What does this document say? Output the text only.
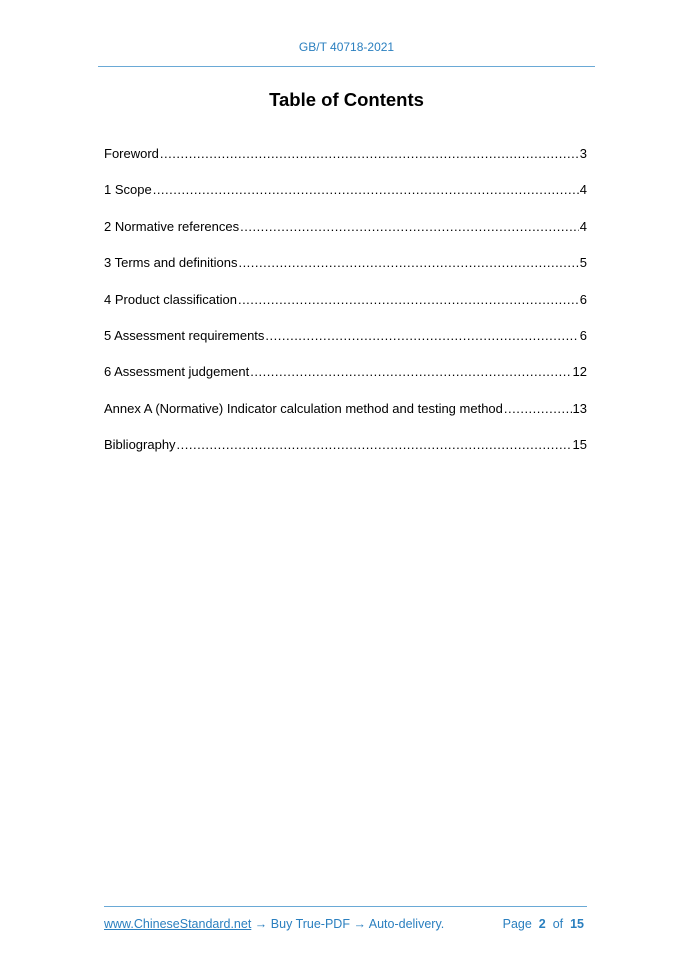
GB/T 40718-2021
Table of Contents
Foreword .....	3
1 Scope .....	4
2 Normative references .....	4
3 Terms and definitions .....	5
4 Product classification .....	6
5 Assessment requirements .....	6
6 Assessment judgement .....	12
Annex A (Normative) Indicator calculation method and testing method .....	13
Bibliography .....	15
www.ChineseStandard.net → Buy True-PDF → Auto-delivery.	Page 2 of 15
